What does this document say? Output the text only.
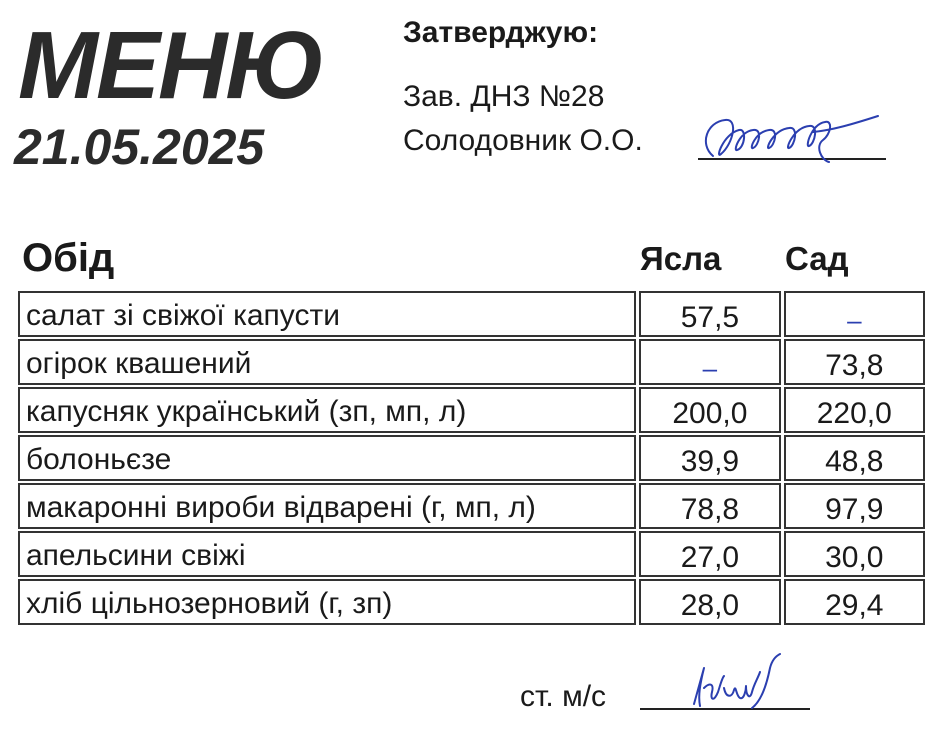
МЕНЮ
21.05.2025
Затверджую:
Зав. ДНЗ №28
Солодовник О.О.
Обід	Ясла Сад
салат зі свіжої капусти	57,5	–
огірок квашений	–	73,8
капусняк український (зп, мп, л)	200,0	220,0
болоньєзе	39,9	48,8
макаронні вироби відварені (г, мп, л)	78,8	97,9
апельсини свіжі	27,0	30,0
хліб цільнозерновий (г, зп)	28,0	29,4
ст. м/с
